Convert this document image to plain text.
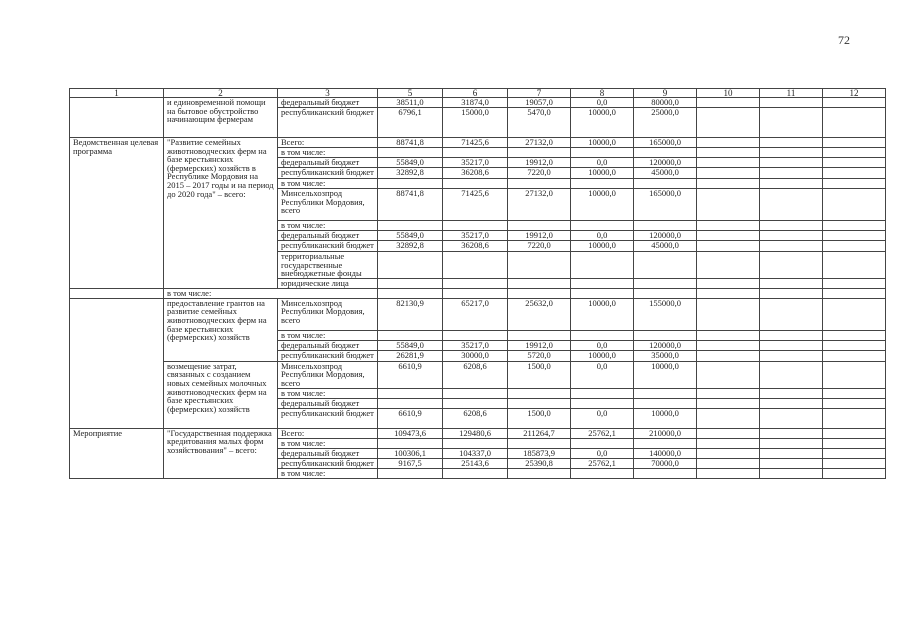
72
1	2	3	5	6	7	8	9	10	11	12
	и единовременной помощи на бытовое обустройство начинающим фермерам	федеральный бюджет	38511,0	31874,0	19057,0	0,0	80000,0			
		республиканский бюджет	6796,1	15000,0	5470,0	10000,0	25000,0			
Ведомственная целевая программа	"Развитие семейных животноводческих ферм на базе крестьянских (фермерских) хозяйств в Республике Мордовия на 2015 – 2017 годы и на период до 2020 года" – всего:	Всего:	88741,8	71425,6	27132,0	10000,0	165000,0			
		в том числе:								
		федеральный бюджет	55849,0	35217,0	19912,0	0,0	120000,0			
		республиканский бюджет	32892,8	36208,6	7220,0	10000,0	45000,0			
		в том числе:								
		Минсельхозпрод Республики Мордовия, всего	88741,8	71425,6	27132,0	10000,0	165000,0			
		в том числе:								
		федеральный бюджет	55849,0	35217,0	19912,0	0,0	120000,0			
		республиканский бюджет	32892,8	36208,6	7220,0	10000,0	45000,0			
		территориальные государственные внебюджетные фонды								
		юридические лица								
	в том числе:									
	предоставление грантов на развитие семейных животноводческих ферм на базе крестьянских (фермерских) хозяйств	Минсельхозпрод Республики Мордовия, всего	82130,9	65217,0	25632,0	10000,0	155000,0			
		в том числе:								
		федеральный бюджет	55849,0	35217,0	19912,0	0,0	120000,0			
		республиканский бюджет	26281,9	30000,0	5720,0	10000,0	35000,0			
	возмещение затрат, связанных с созданием новых семейных молочных животноводческих ферм на базе крестьянских (фермерских) хозяйств	Минсельхозпрод Республики Мордовия, всего	6610,9	6208,6	1500,0	0,0	10000,0			
		в том числе:								
		федеральный бюджет								
		республиканский бюджет	6610,9	6208,6	1500,0	0,0	10000,0			
Мероприятие	"Государственная поддержка кредитования малых форм хозяйствования" – всего:	Всего:	109473,6	129480,6	211264,7	25762,1	210000,0			
		в том числе:								
		федеральный бюджет	100306,1	104337,0	185873,9	0,0	140000,0			
		республиканский бюджет	9167,5	25143,6	25390,8	25762,1	70000,0			
		в том числе:								
